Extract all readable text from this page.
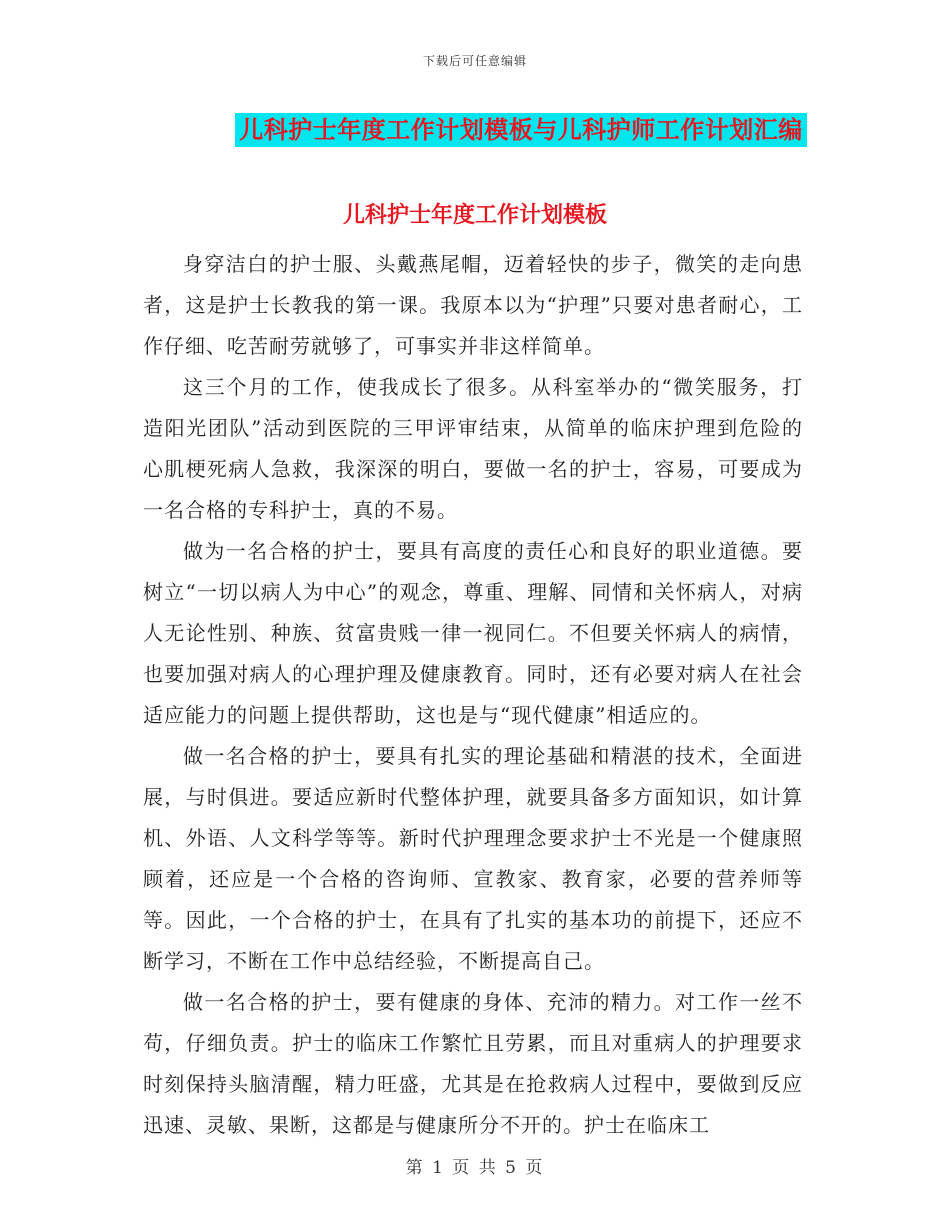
下载后可任意编辑
儿科护士年度工作计划模板与儿科护师工作计划汇编
儿科护士年度工作计划模板

身穿洁白的护士服、头戴燕尾帽，迈着轻快的步子，微笑的走向患者，这是护士长教我的第一课。我原本以为“护理”只要对患者耐心，工作仔细、吃苦耐劳就够了，可事实并非这样简单。

这三个月的工作，使我成长了很多。从科室举办的“微笑服务，打造阳光团队”活动到医院的三甲评审结束，从简单的临床护理到危险的心肌梗死病人急救，我深深的明白，要做一名的护士，容易，可要成为一名合格的专科护士，真的不易。

做为一名合格的护士，要具有高度的责任心和良好的职业道德。要树立“一切以病人为中心”的观念，尊重、理解、同情和关怀病人，对病人无论性别、种族、贫富贵贱一律一视同仁。不但要关怀病人的病情，也要加强对病人的心理护理及健康教育。同时，还有必要对病人在社会适应能力的问题上提供帮助，这也是与“现代健康”相适应的。

做一名合格的护士，要具有扎实的理论基础和精湛的技术，全面进展，与时俱进。要适应新时代整体护理，就要具备多方面知识，如计算机、外语、人文科学等等。新时代护理理念要求护士不光是一个健康照顾着，还应是一个合格的咨询师、宣教家、教育家，必要的营养师等等。因此，一个合格的护士，在具有了扎实的基本功的前提下，还应不断学习，不断在工作中总结经验，不断提高自己。

做一名合格的护士，要有健康的身体、充沛的精力。对工作一丝不苟，仔细负责。护士的临床工作繁忙且劳累，而且对重病人的护理要求时刻保持头脑清醒，精力旺盛，尤其是在抢救病人过程中，要做到反应迅速、灵敏、果断，这都是与健康所分不开的。护士在临床工

第 1 页 共 5 页
